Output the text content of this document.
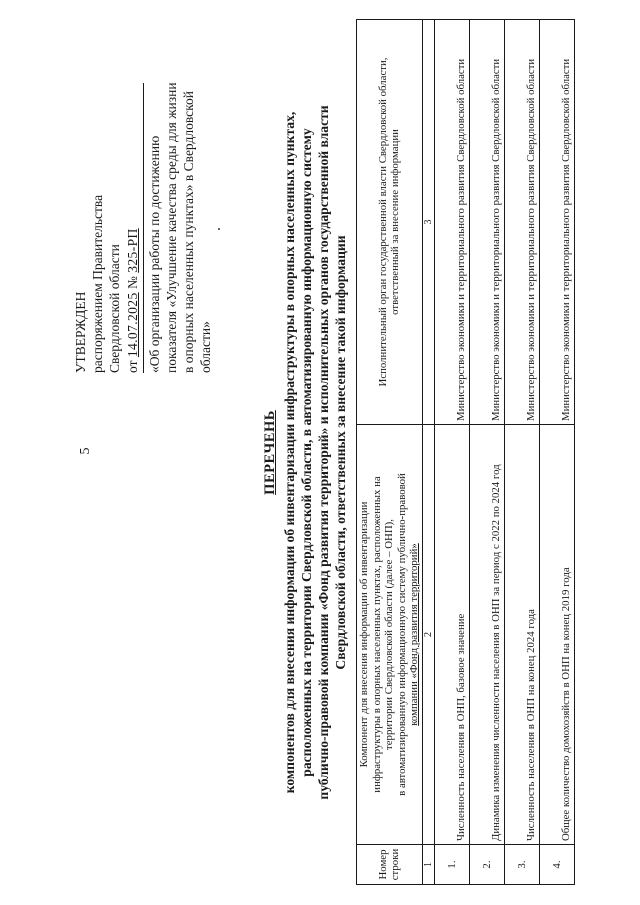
5
УТВЕРЖДЕН распоряжением Правительства Свердловской области от 14.07.2025 № 325-РП «Об организации работы по достижению показателя «Улучшение качества среды для жизни в опорных населенных пунктах» в Свердловской области»
ПЕРЕЧЕНЬ компонентов для внесения информации об инвентаризации инфраструктуры в опорных населенных пунктах, расположенных на территории Свердловской области, в автоматизированную информационную систему публично-правовой компании «Фонд развития территорий» и исполнительных органов государственной власти Свердловской области, ответственных за внесение такой информации
Номер строки	Компонент для внесения информации об инвентаризации инфраструктуры в опорных населенных пунктах, расположенных на территории Свердловской области (далее – ОНП), в автоматизированную информационную систему публично-правовой компании «Фонд развития территорий»	Исполнительный орган государственной власти Свердловской области, ответственный за внесение информации
1	2	3
1.	Численность населения в ОНП, базовое значение	Министерство экономики и территориального развития Свердловской области
2.	Динамика изменения численности населения в ОНП за период с 2022 по 2024 год	Министерство экономики и территориального развития Свердловской области
3.	Численность населения в ОНП на конец 2024 года	Министерство экономики и территориального развития Свердловской области
4.	Общее количество домохозяйств в ОНП на конец 2019 года	Министерство экономики и территориального развития Свердловской области
